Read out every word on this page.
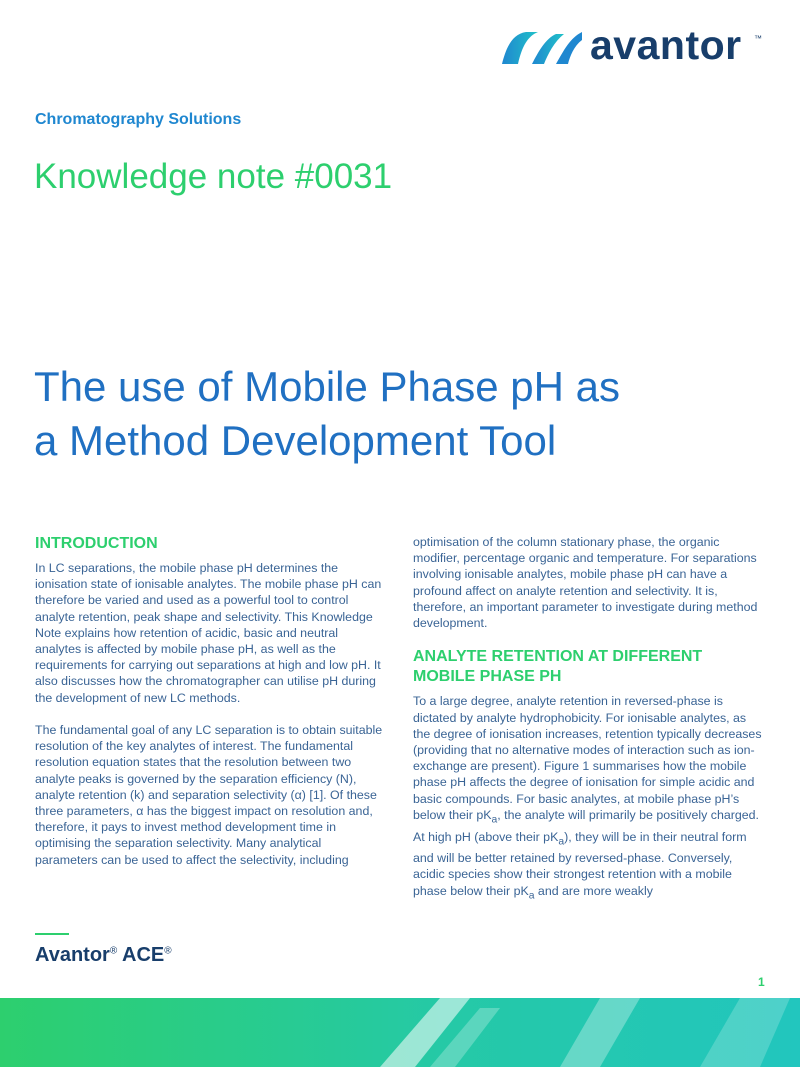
avantor ™
Chromatography Solutions
Knowledge note #0031
The use of Mobile Phase pH as
a Method Development Tool
INTRODUCTION

In LC separations, the mobile phase pH determines the ionisation state of ionisable analytes. The mobile phase pH can therefore be varied and used as a powerful tool to control analyte retention, peak shape and selectivity. This Knowledge Note explains how retention of acidic, basic and neutral analytes is affected by mobile phase pH, as well as the requirements for carrying out separations at high and low pH. It also discusses how the chromatographer can utilise pH during the development of new LC methods.

The fundamental goal of any LC separation is to obtain suitable resolution of the key analytes of interest. The fundamental resolution equation states that the resolution between two analyte peaks is governed by the separation efficiency (N), analyte retention (k) and separation selectivity (α) [1]. Of these three parameters, α has the biggest impact on resolution and, therefore, it pays to invest method development time in optimising the separation selectivity. Many analytical parameters can be used to affect the selectivity, including

optimisation of the column stationary phase, the organic modifier, percentage organic and temperature. For separations involving ionisable analytes, mobile phase pH can have a profound affect on analyte retention and selectivity. It is, therefore, an important parameter to investigate during method development.

ANALYTE RETENTION AT DIFFERENT MOBILE PHASE PH

To a large degree, analyte retention in reversed-phase is dictated by analyte hydrophobicity. For ionisable analytes, as the degree of ionisation increases, retention typically decreases (providing that no alternative modes of interaction such as ion-exchange are present). Figure 1 summarises how the mobile phase pH affects the degree of ionisation for simple acidic and basic compounds. For basic analytes, at mobile phase pH’s below their $pK_a$, the analyte will primarily be positively charged. At high pH (above their $pK_a$), they will be in their neutral form and will be better retained by reversed-phase. Conversely, acidic species show their strongest retention with a mobile phase below their $pK_a$ and are more weakly

Avantor® ACE®
1
